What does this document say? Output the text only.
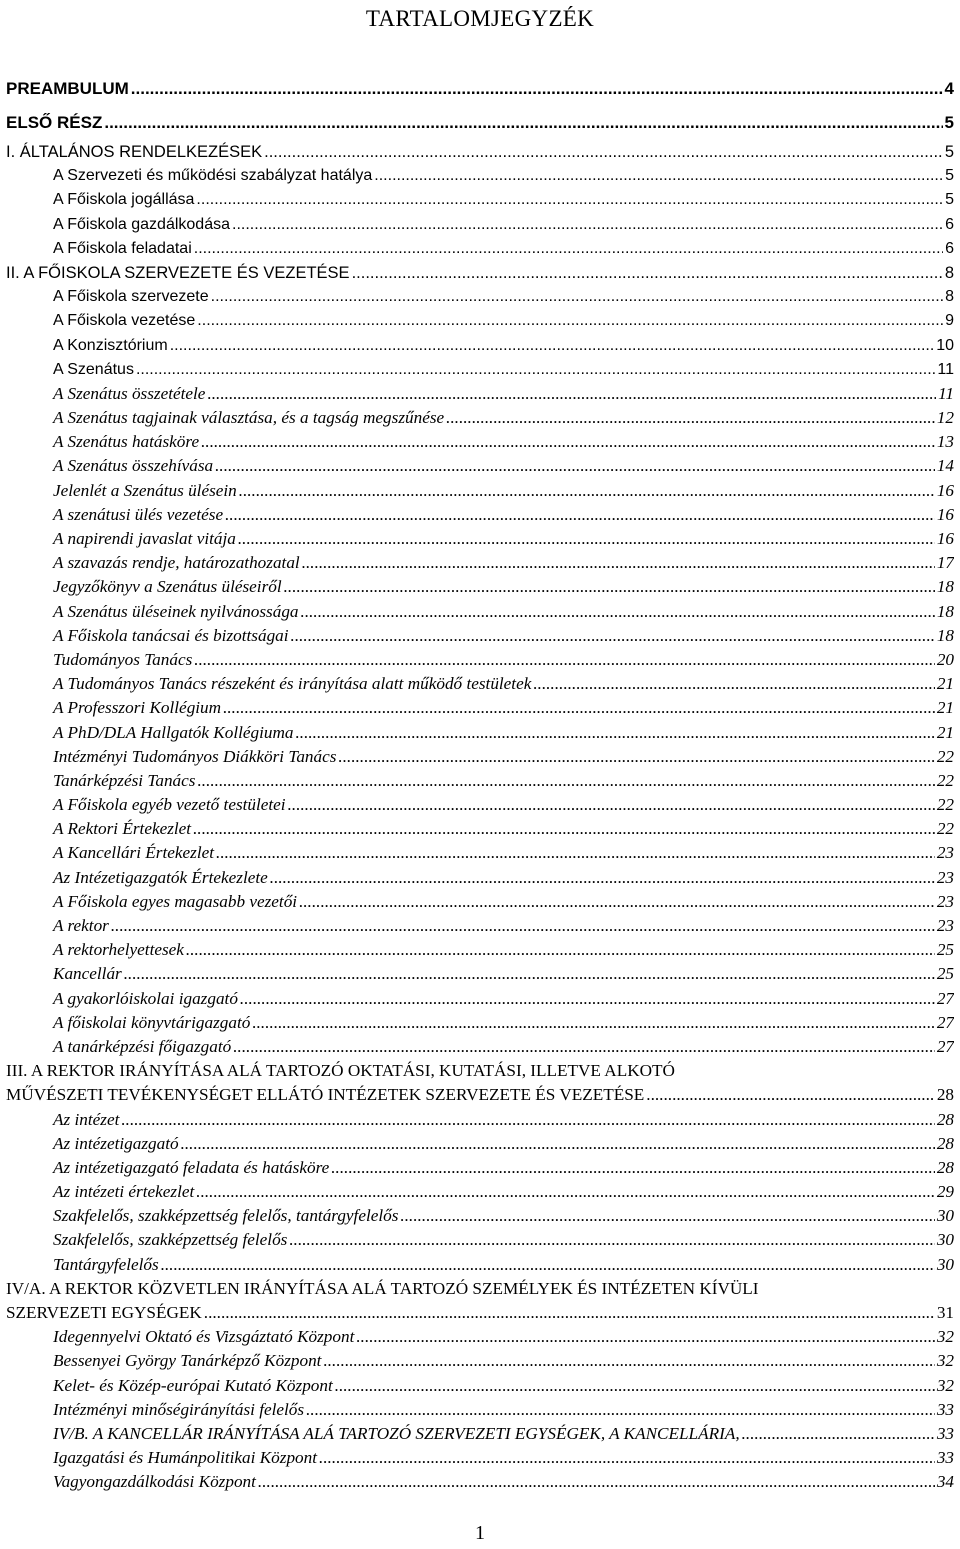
TARTALOMJEGYZÉK
PREAMBULUM .....	4
ELSŐ RÉSZ .....	5
I. ÁLTALÁNOS RENDELKEZÉSEK .....	5
A Szervezeti és működési szabályzat hatálya .....	5
A Főiskola jogállása .....	5
A Főiskola gazdálkodása .....	6
A Főiskola feladatai .....	6
II. A FŐISKOLA SZERVEZETE ÉS VEZETÉSE .....	8
A Főiskola szervezete .....	8
A Főiskola vezetése .....	9
A Konzisztórium .....	10
A Szenátus .....	11
A Szenátus összetétele .....	11
A Szenátus tagjainak választása, és a tagság megszűnése .....	12
A Szenátus hatásköre .....	13
A Szenátus összehívása .....	14
Jelenlét a Szenátus ülésein .....	16
A szenátusi ülés vezetése .....	16
A napirendi javaslat vitája .....	16
A szavazás rendje, határozathozatal .....	17
Jegyzőkönyv a Szenátus üléseiről .....	18
A Szenátus üléseinek nyilvánossága .....	18
A Főiskola tanácsai és bizottságai .....	18
Tudományos Tanács .....	20
A Tudományos Tanács részeként és irányítása alatt működő testületek .....	21
A Professzori Kollégium .....	21
A PhD/DLA Hallgatók Kollégiuma .....	21
Intézményi Tudományos Diákköri Tanács .....	22
Tanárképzési Tanács .....	22
A Főiskola egyéb vezető testületei .....	22
A Rektori Értekezlet .....	22
A Kancellári Értekezlet .....	23
Az Intézetigazgatók Értekezlete .....	23
A Főiskola egyes magasabb vezetői .....	23
A rektor .....	23
A rektorhelyettesek .....	25
Kancellár .....	25
A gyakorlóiskolai igazgató .....	27
A főiskolai könyvtárigazgató .....	27
A tanárképzési főigazgató .....	27
III. A REKTOR IRÁNYÍTÁSA ALÁ TARTOZÓ OKTATÁSI, KUTATÁSI, ILLETVE ALKOTÓ
MŰVÉSZETI TEVÉKENYSÉGET ELLÁTÓ INTÉZETEK SZERVEZETE ÉS VEZETÉSE .....	28
Az intézet .....	28
Az intézetigazgató .....	28
Az intézetigazgató feladata és hatásköre .....	28
Az intézeti értekezlet .....	29
Szakfelelős, szakképzettség felelős, tantárgyfelelős .....	30
Szakfelelős, szakképzettség felelős .....	30
Tantárgyfelelős .....	30
IV/A. A REKTOR KÖZVETLEN IRÁNYÍTÁSA ALÁ TARTOZÓ SZEMÉLYEK ÉS INTÉZETEN KÍVÜLI
SZERVEZETI EGYSÉGEK .....	31
Idegennyelvi Oktató és Vizsgáztató Központ .....	32
Bessenyei György Tanárképző Központ .....	32
Kelet- és Közép-európai Kutató Központ .....	32
Intézményi minőségirányítási felelős .....	33
IV/B. A KANCELLÁR IRÁNYÍTÁSA ALÁ TARTOZÓ SZERVEZETI EGYSÉGEK, A KANCELLÁRIA, .....	33
Igazgatási és Humánpolitikai Központ .....	33
Vagyongazdálkodási Központ .....	34
1
